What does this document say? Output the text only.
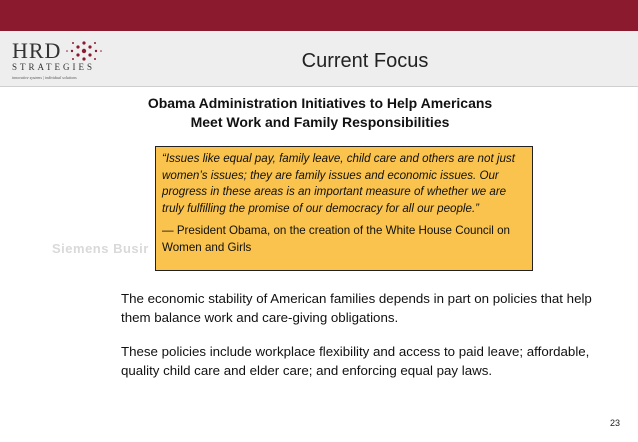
HRD
STRATEGIES
innovative systems | individual solutions
Current Focus
Obama Administration Initiatives to Help Americans
Meet Work and Family Responsibilities
Siemens Busir
“Issues like equal pay, family leave, child care and others are not just women’s issues; they are family issues and economic issues. Our progress in these areas is an important measure of whether we are truly fulfilling the promise of our democracy for all our people.”
— President Obama, on the creation of the White House Council on Women and Girls

The economic stability of American families depends in part on policies that help them balance work and care-giving obligations.

These policies include workplace flexibility and access to paid leave; affordable, quality child care and elder care; and enforcing equal pay laws.

23
